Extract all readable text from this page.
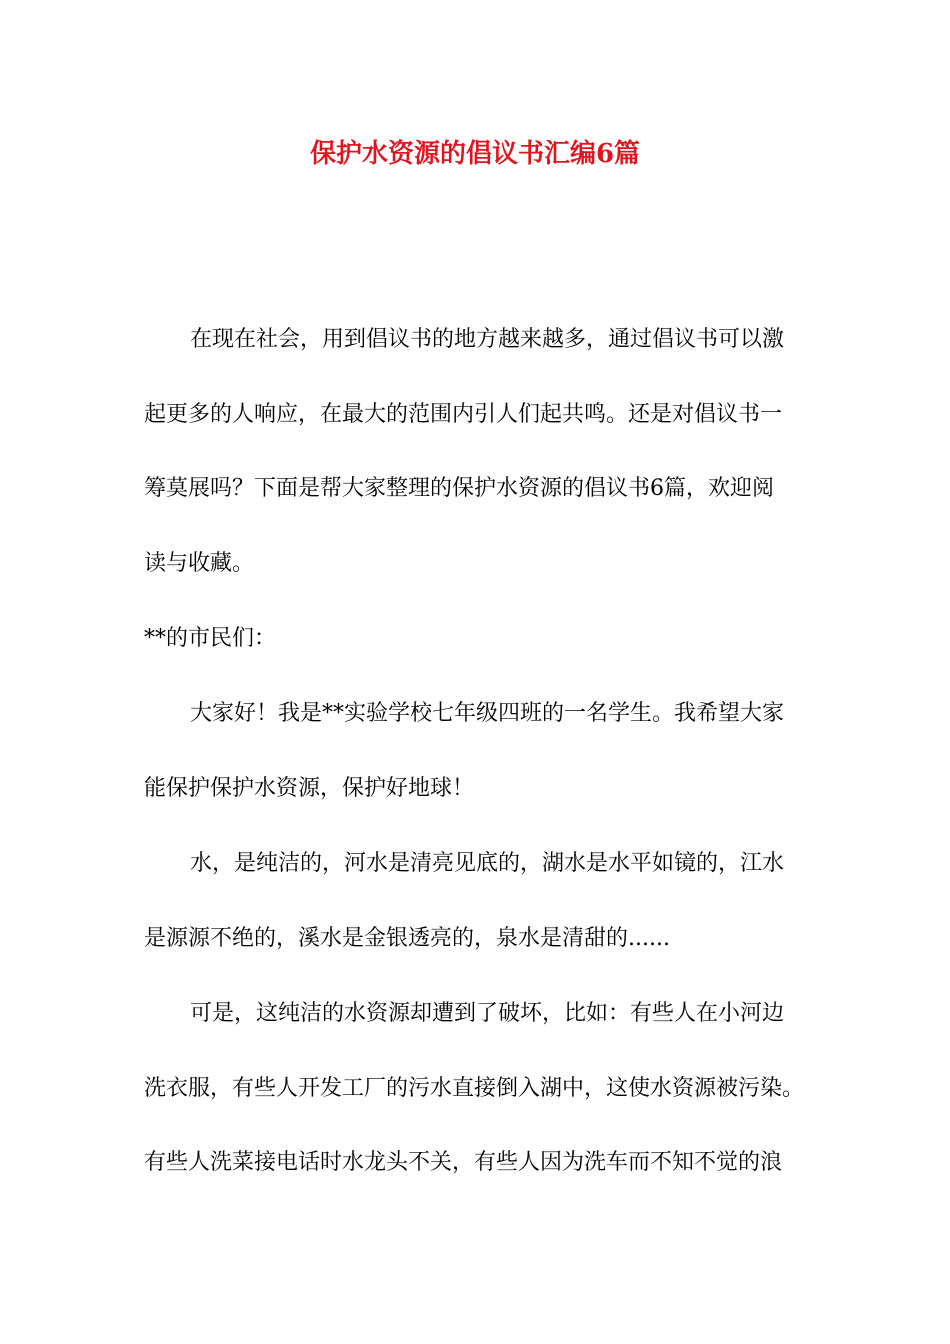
保护水资源的倡议书汇编6篇

在现在社会，用到倡议书的地方越来越多，通过倡议书可以激

起更多的人响应，在最大的范围内引人们起共鸣。还是对倡议书一

筹莫展吗？下面是帮大家整理的保护水资源的倡议书6篇，欢迎阅

读与收藏。

**的市民们：

大家好！我是**实验学校七年级四班的一名学生。我希望大家

能保护保护水资源，保护好地球！

水，是纯洁的，河水是清亮见底的，湖水是水平如镜的，江水

是源源不绝的，溪水是金银透亮的，泉水是清甜的......

可是，这纯洁的水资源却遭到了破坏，比如：有些人在小河边

洗衣服，有些人开发工厂的污水直接倒入湖中，这使水资源被污染。

有些人洗菜接电话时水龙头不关，有些人因为洗车而不知不觉的浪
